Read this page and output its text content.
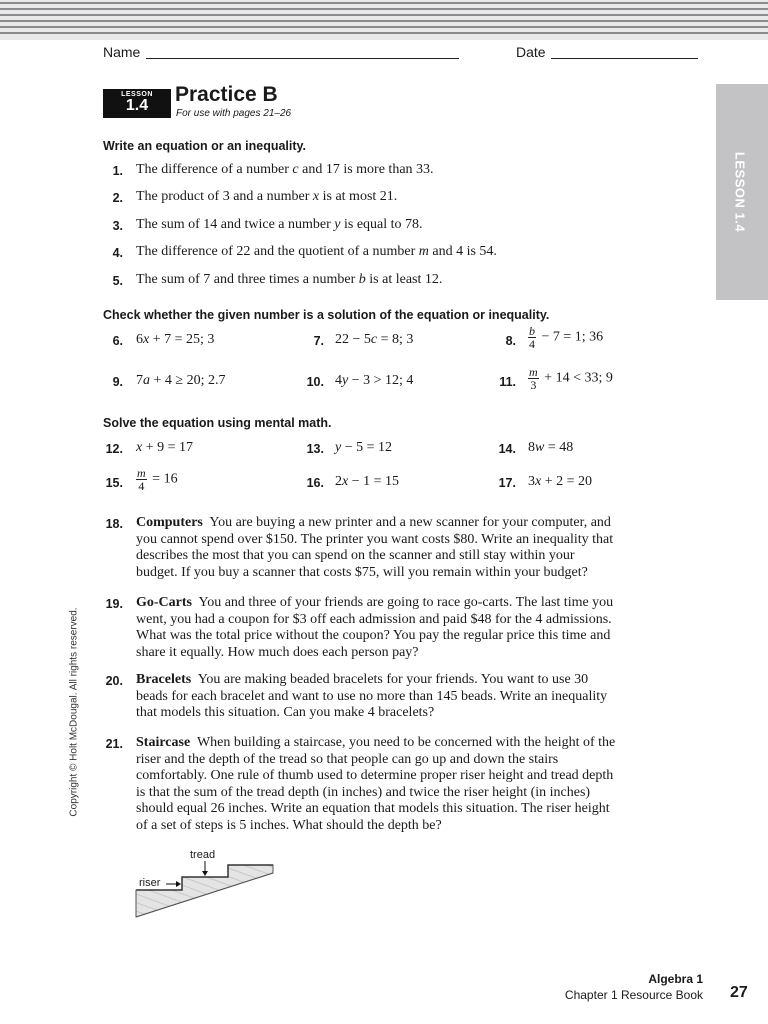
Name	Date
LESSON
1.4	Practice B
For use with pages 21–26
LESSON 1.4
Write an equation or an inequality.
1. The difference of a number c and 17 is more than 33.
2. The product of 3 and a number x is at most 21.
3. The sum of 14 and twice a number y is equal to 78.
4. The difference of 22 and the quotient of a number m and 4 is 54.
5. The sum of 7 and three times a number b is at least 12.
Check whether the given number is a solution of the equation or inequality.
6. 6x + 7 = 25; 3	7. 22 − 5c = 8; 3	8. $\frac{b}{4} - 7 = 1$; 36
9. 7a + 4 ≥ 20; 2.7	10. 4y − 3 > 12; 4	11. $\frac{m}{3} + 14 < 33$; 9
Solve the equation using mental math.
12. x + 9 = 17	13. y − 5 = 12	14. 8w = 48
15. $\frac{m}{4} = 16$	16. 2x − 1 = 15	17. 3x + 2 = 20
18. Computers You are buying a new printer and a new scanner for your computer, and you cannot spend over $150. The printer you want costs $80. Write an inequality that describes the most that you can spend on the scanner and still stay within your budget. If you buy a scanner that costs $75, will you remain within your budget?
19. Go-Carts You and three of your friends are going to race go-carts. The last time you went, you had a coupon for $3 off each admission and paid $48 for the 4 admissions. What was the total price without the coupon? You pay the regular price this time and share it equally. How much does each person pay?
20. Bracelets You are making beaded bracelets for your friends. You want to use 30 beads for each bracelet and want to use no more than 145 beads. Write an inequality that models this situation. Can you make 4 bracelets?
21. Staircase When building a staircase, you need to be concerned with the height of the riser and the depth of the tread so that people can go up and down the stairs comfortably. One rule of thumb used to determine proper riser height and tread depth is that the sum of the tread depth (in inches) and twice the riser height (in inches) should equal 26 inches. Write an equation that models this situation. The riser height of a set of steps is 5 inches. What should the depth be?
tread
riser
Copyright © Holt McDougal. All rights reserved.
Algebra 1
Chapter 1 Resource Book 27
